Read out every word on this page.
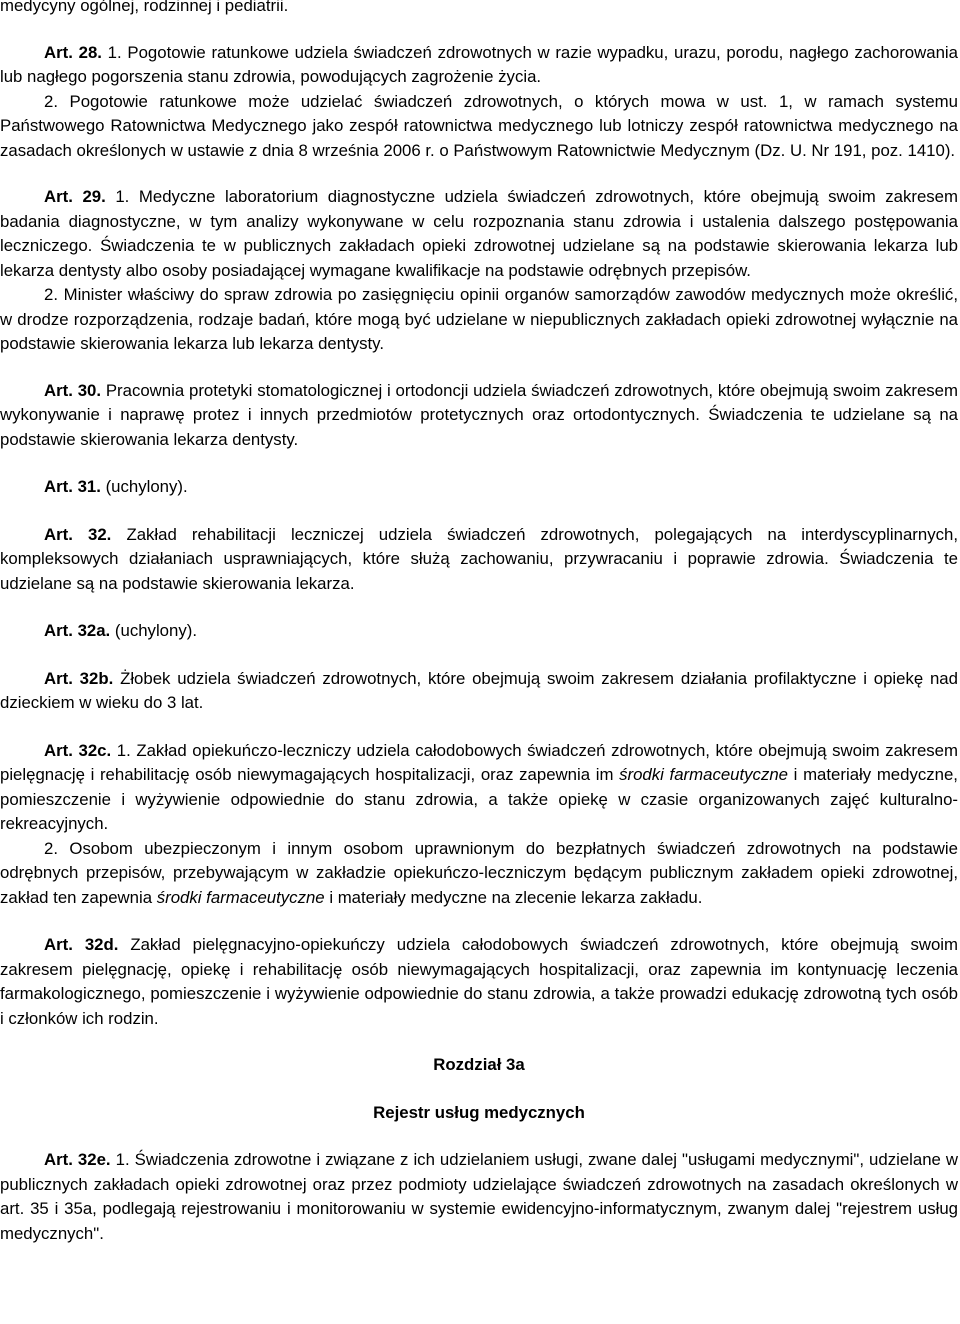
medycyny ogólnej, rodzinnej i pediatrii.

Art. 28. 1. Pogotowie ratunkowe udziela świadczeń zdrowotnych w razie wypadku, urazu, porodu, nagłego zachorowania lub nagłego pogorszenia stanu zdrowia, powodujących zagrożenie życia.

2. Pogotowie ratunkowe może udzielać świadczeń zdrowotnych, o których mowa w ust. 1, w ramach systemu Państwowego Ratownictwa Medycznego jako zespół ratownictwa medycznego lub lotniczy zespół ratownictwa medycznego na zasadach określonych w ustawie z dnia 8 września 2006 r. o Państwowym Ratownictwie Medycznym (Dz. U. Nr 191, poz. 1410).

Art. 29. 1. Medyczne laboratorium diagnostyczne udziela świadczeń zdrowotnych, które obejmują swoim zakresem badania diagnostyczne, w tym analizy wykonywane w celu rozpoznania stanu zdrowia i ustalenia dalszego postępowania leczniczego. Świadczenia te w publicznych zakładach opieki zdrowotnej udzielane są na podstawie skierowania lekarza lub lekarza dentysty albo osoby posiadającej wymagane kwalifikacje na podstawie odrębnych przepisów.

2. Minister właściwy do spraw zdrowia po zasięgnięciu opinii organów samorządów zawodów medycznych może określić, w drodze rozporządzenia, rodzaje badań, które mogą być udzielane w niepublicznych zakładach opieki zdrowotnej wyłącznie na podstawie skierowania lekarza lub lekarza dentysty.

Art. 30. Pracownia protetyki stomatologicznej i ortodoncji udziela świadczeń zdrowotnych, które obejmują swoim zakresem wykonywanie i naprawę protez i innych przedmiotów protetycznych oraz ortodontycznych. Świadczenia te udzielane są na podstawie skierowania lekarza dentysty.

Art. 31. (uchylony).

Art. 32. Zakład rehabilitacji leczniczej udziela świadczeń zdrowotnych, polegających na interdyscyplinarnych, kompleksowych działaniach usprawniających, które służą zachowaniu, przywracaniu i poprawie zdrowia. Świadczenia te udzielane są na podstawie skierowania lekarza.

Art. 32a. (uchylony).

Art. 32b. Żłobek udziela świadczeń zdrowotnych, które obejmują swoim zakresem działania profilaktyczne i opiekę nad dzieckiem w wieku do 3 lat.

Art. 32c. 1. Zakład opiekuńczo-leczniczy udziela całodobowych świadczeń zdrowotnych, które obejmują swoim zakresem pielęgnację i rehabilitację osób niewymagających hospitalizacji, oraz zapewnia im środki farmaceutyczne i materiały medyczne, pomieszczenie i wyżywienie odpowiednie do stanu zdrowia, a także opiekę w czasie organizowanych zajęć kulturalno-rekreacyjnych.

2. Osobom ubezpieczonym i innym osobom uprawnionym do bezpłatnych świadczeń zdrowotnych na podstawie odrębnych przepisów, przebywającym w zakładzie opiekuńczo-leczniczym będącym publicznym zakładem opieki zdrowotnej, zakład ten zapewnia środki farmaceutyczne i materiały medyczne na zlecenie lekarza zakładu.

Art. 32d. Zakład pielęgnacyjno-opiekuńczy udziela całodobowych świadczeń zdrowotnych, które obejmują swoim zakresem pielęgnację, opiekę i rehabilitację osób niewymagających hospitalizacji, oraz zapewnia im kontynuację leczenia farmakologicznego, pomieszczenie i wyżywienie odpowiednie do stanu zdrowia, a także prowadzi edukację zdrowotną tych osób i członków ich rodzin.

Rozdział 3a
Rejestr usług medycznych

Art. 32e. 1. Świadczenia zdrowotne i związane z ich udzielaniem usługi, zwane dalej "usługami medycznymi", udzielane w publicznych zakładach opieki zdrowotnej oraz przez podmioty udzielające świadczeń zdrowotnych na zasadach określonych w art. 35 i 35a, podlegają rejestrowaniu i monitorowaniu w systemie ewidencyjno-informatycznym, zwanym dalej "rejestrem usług medycznych".
